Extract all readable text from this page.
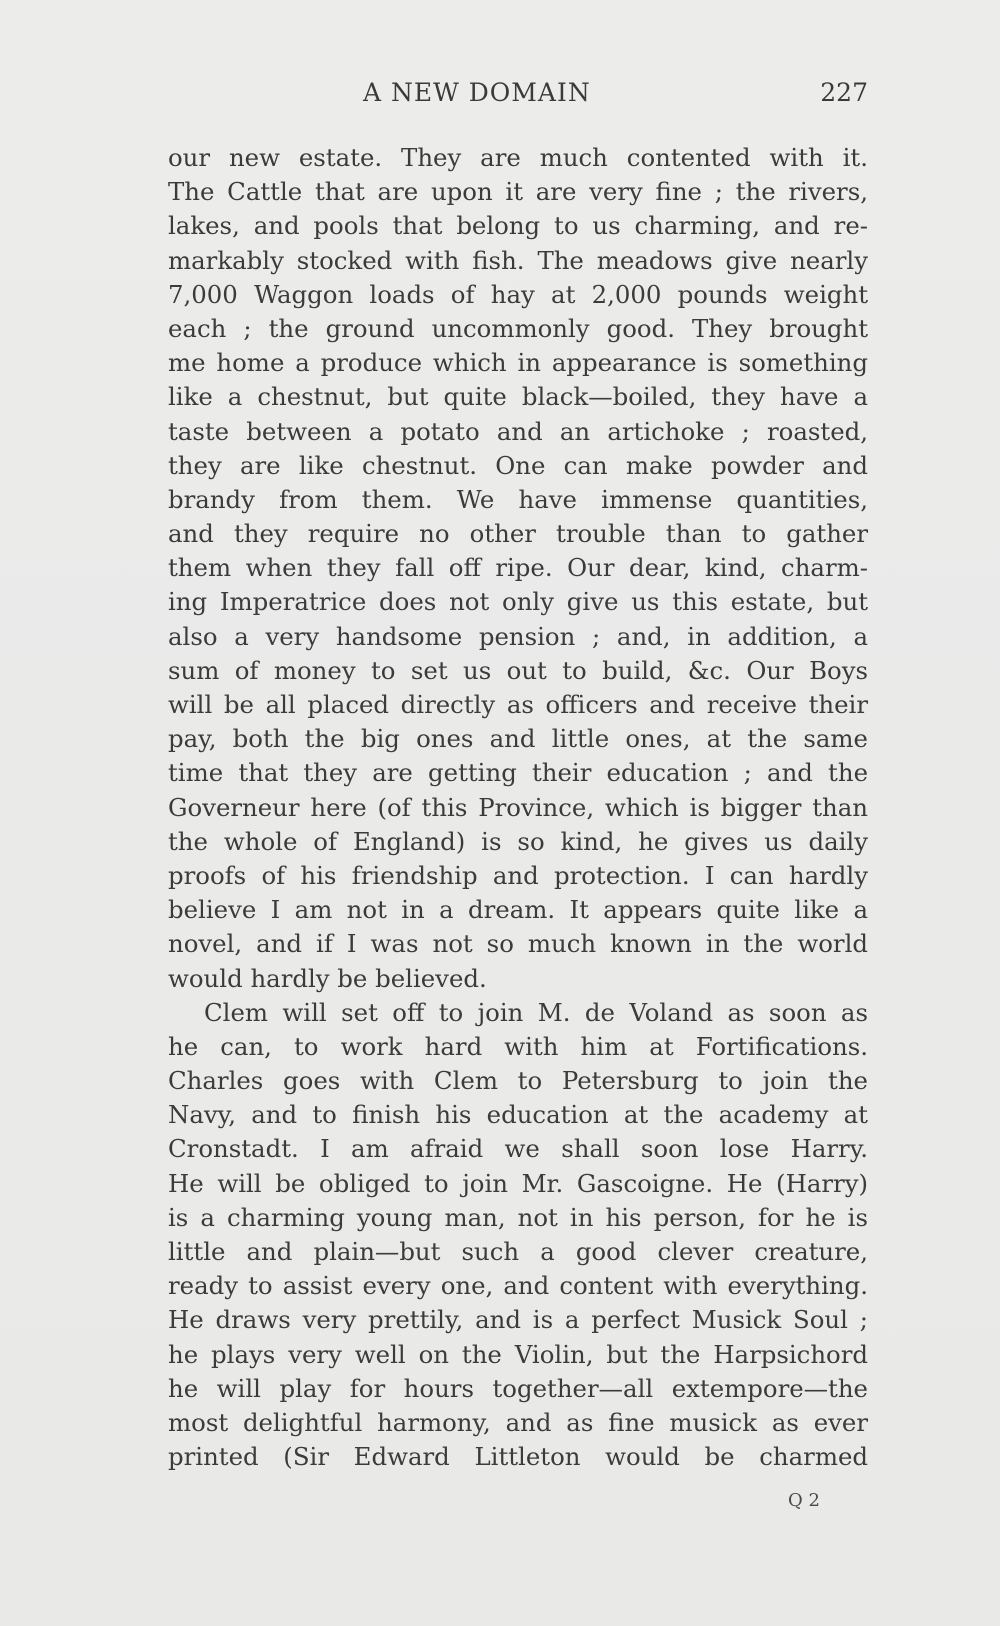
A NEW DOMAIN	227
our new estate. They are much contented with it.
The Cattle that are upon it are very fine ; the rivers,
lakes, and pools that belong to us charming, and re-
markably stocked with fish. The meadows give nearly
7,000 Waggon loads of hay at 2,000 pounds weight
each ; the ground uncommonly good. They brought
me home a produce which in appearance is something
like a chestnut, but quite black—boiled, they have a
taste between a potato and an artichoke ; roasted,
they are like chestnut. One can make powder and
brandy from them. We have immense quantities,
and they require no other trouble than to gather
them when they fall off ripe. Our dear, kind, charm-
ing Imperatrice does not only give us this estate, but
also a very handsome pension ; and, in addition, a
sum of money to set us out to build, &c. Our Boys
will be all placed directly as officers and receive their
pay, both the big ones and little ones, at the same
time that they are getting their education ; and the
Governeur here (of this Province, which is bigger than
the whole of England) is so kind, he gives us daily
proofs of his friendship and protection. I can hardly
believe I am not in a dream. It appears quite like a
novel, and if I was not so much known in the world
would hardly be believed.
Clem will set off to join M. de Voland as soon as
he can, to work hard with him at Fortifications.
Charles goes with Clem to Petersburg to join the
Navy, and to finish his education at the academy at
Cronstadt. I am afraid we shall soon lose Harry.
He will be obliged to join Mr. Gascoigne. He (Harry)
is a charming young man, not in his person, for he is
little and plain—but such a good clever creature,
ready to assist every one, and content with everything.
He draws very prettily, and is a perfect Musick Soul ;
he plays very well on the Violin, but the Harpsichord
he will play for hours together—all extempore—the
most delightful harmony, and as fine musick as ever
printed (Sir Edward Littleton would be charmed
Q 2
